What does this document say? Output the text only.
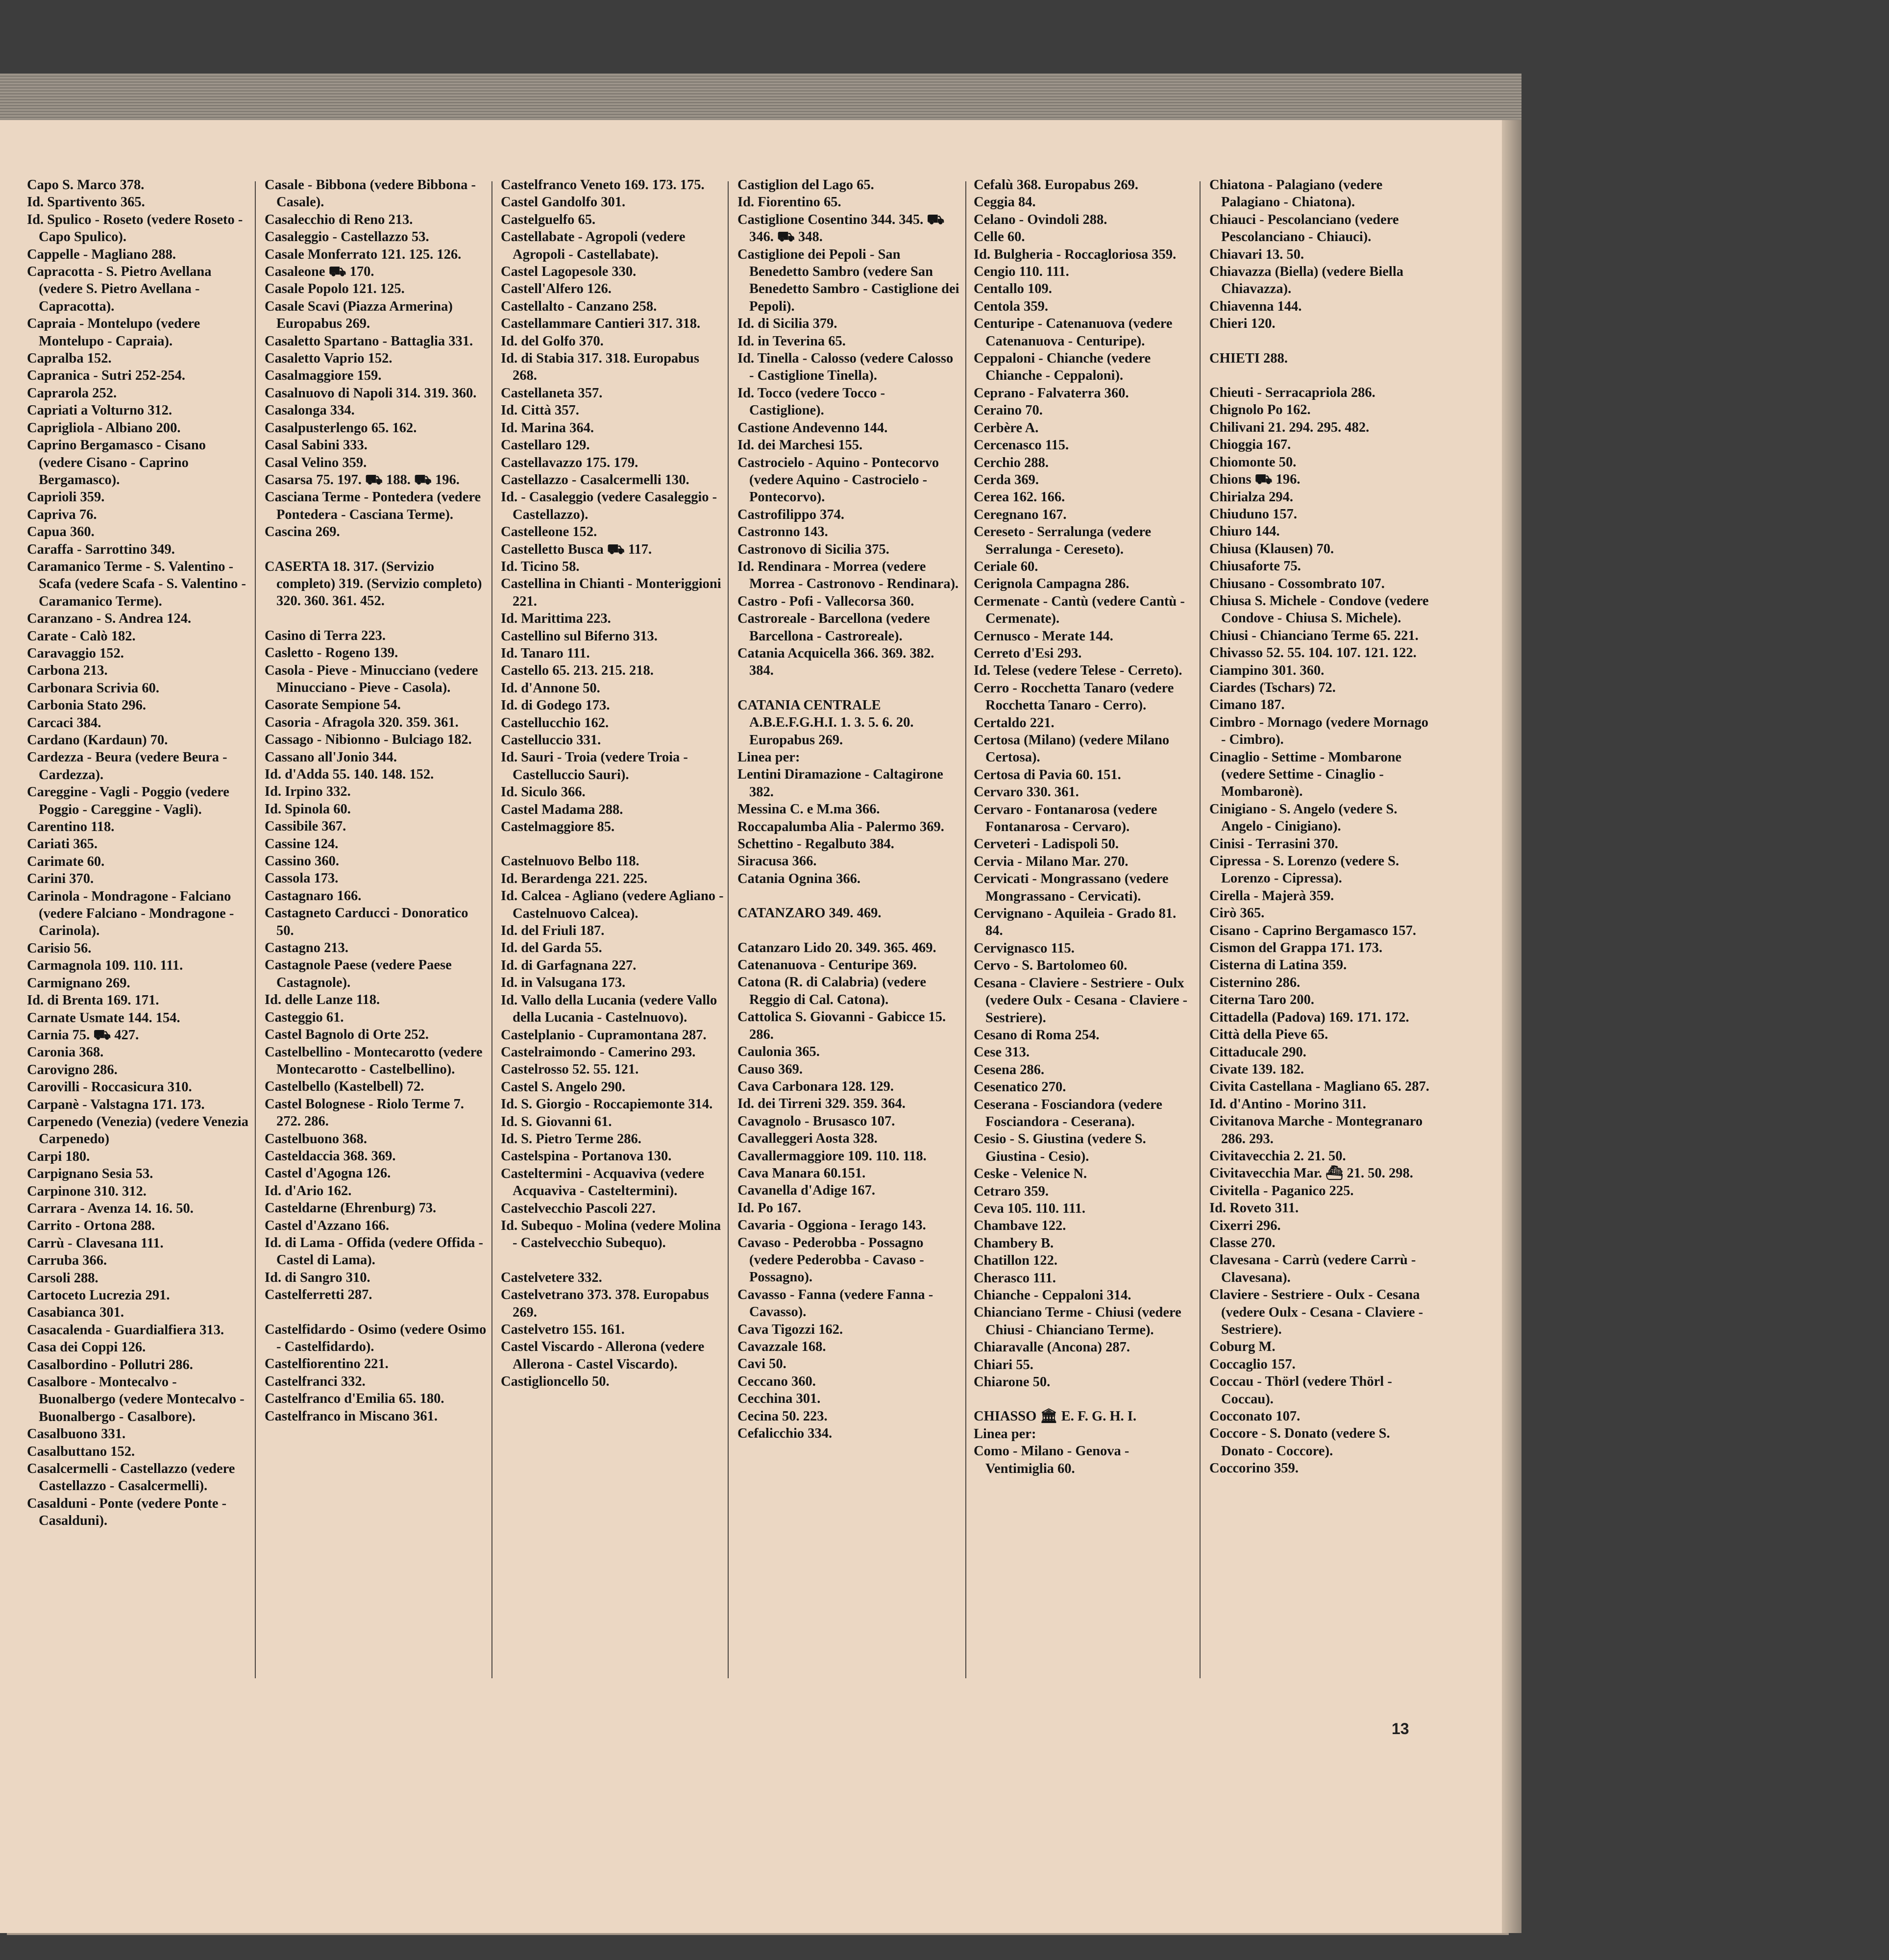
Capo S. Marco 378.
Id. Spartivento 365.
Id. Spulico - Roseto (vedere Roseto - Capo Spulico).
Cappelle - Magliano 288.
Capracotta - S. Pietro Avellana (vedere S. Pietro Avellana - Capracotta).
Capraia - Montelupo (vedere Montelupo - Capraia).
Capralba 152.
Capranica - Sutri 252-254.
Caprarola 252.
Capriati a Volturno 312.
Caprigliola - Albiano 200.
Caprino Bergamasco - Cisano (vedere Cisano - Caprino Bergamasco).
Caprioli 359.
Capriva 76.
Capua 360.
Caraffa - Sarrottino 349.
Caramanico Terme - S. Valentino - Scafa (vedere Scafa - S. Valentino - Caramanico Terme).
Caranzano - S. Andrea 124.
Carate - Calò 182.
Caravaggio 152.
Carbona 213.
Carbonara Scrivia 60.
Carbonia Stato 296.
Carcaci 384.
Cardano (Kardaun) 70.
Cardezza - Beura (vedere Beura - Cardezza).
Careggine - Vagli - Poggio (vedere Poggio - Careggine - Vagli).
Carentino 118.
Cariati 365.
Carimate 60.
Carini 370.
Carinola - Mondragone - Falciano (vedere Falciano - Mondragone - Carinola).
Carisio 56.
Carmagnola 109. 110. 111.
Carmignano 269.
Id. di Brenta 169. 171.
Carnate Usmate 144. 154.
Carnia 75. ⛟ 427.
Caronia 368.
Carovigno 286.
Carovilli - Roccasicura 310.
Carpanè - Valstagna 171. 173.
Carpenedo (Venezia) (vedere Venezia Carpenedo)
Carpi 180.
Carpignano Sesia 53.
Carpinone 310. 312.
Carrara - Avenza 14. 16. 50.
Carrito - Ortona 288.
Carrù - Clavesana 111.
Carruba 366.
Carsoli 288.
Cartoceto Lucrezia 291.
Casabianca 301.
Casacalenda - Guardialfiera 313.
Casa dei Coppi 126.
Casalbordino - Pollutri 286.
Casalbore - Montecalvo - Buonalbergo (vedere Montecalvo - Buonalbergo - Casalbore).
Casalbuono 331.
Casalbuttano 152.
Casalcermelli - Castellazzo (vedere Castellazzo - Casalcermelli).
Casalduni - Ponte (vedere Ponte - Casalduni).
Casale - Bibbona (vedere Bibbona - Casale).
Casalecchio di Reno 213.
Casaleggio - Castellazzo 53.
Casale Monferrato 121. 125. 126.
Casaleone ⛟ 170.
Casale Popolo 121. 125.
Casale Scavi (Piazza Armerina) Europabus 269.
Casaletto Spartano - Battaglia 331.
Casaletto Vaprio 152.
Casalmaggiore 159.
Casalnuovo di Napoli 314. 319. 360.
Casalonga 334.
Casalpusterlengo 65. 162.
Casal Sabini 333.
Casal Velino 359.
Casarsa 75. 197. ⛟ 188. ⛟ 196.
Casciana Terme - Pontedera (vedere Pontedera - Casciana Terme).
Cascina 269.
CASERTA 18. 317. (Servizio completo) 319. (Servizio completo) 320. 360. 361. 452.
Casino di Terra 223.
Casletto - Rogeno 139.
Casola - Pieve - Minucciano (vedere Minucciano - Pieve - Casola).
Casorate Sempione 54.
Casoria - Afragola 320. 359. 361.
Cassago - Nibionno - Bulciago 182.
Cassano all'Jonio 344.
Id. d'Adda 55. 140. 148. 152.
Id. Irpino 332.
Id. Spinola 60.
Cassibile 367.
Cassine 124.
Cassino 360.
Cassola 173.
Castagnaro 166.
Castagneto Carducci - Donoratico 50.
Castagno 213.
Castagnole Paese (vedere Paese Castagnole).
Id. delle Lanze 118.
Casteggio 61.
Castel Bagnolo di Orte 252.
Castelbellino - Montecarotto (vedere Montecarotto - Castelbellino).
Castelbello (Kastelbell) 72.
Castel Bolognese - Riolo Terme 7. 272. 286.
Castelbuono 368.
Casteldaccia 368. 369.
Castel d'Agogna 126.
Id. d'Ario 162.
Casteldarne (Ehrenburg) 73.
Castel d'Azzano 166.
Id. di Lama - Offida (vedere Offida - Castel di Lama).
Id. di Sangro 310.
Castelferretti 287.
Castelfidardo - Osimo (vedere Osimo - Castelfidardo).
Castelfiorentino 221.
Castelfranci 332.
Castelfranco d'Emilia 65. 180.
Castelfranco in Miscano 361.
Castelfranco Veneto 169. 173. 175.
Castel Gandolfo 301.
Castelguelfo 65.
Castellabate - Agropoli (vedere Agropoli - Castellabate).
Castel Lagopesole 330.
Castell'Alfero 126.
Castellalto - Canzano 258.
Castellammare Cantieri 317. 318.
Id. del Golfo 370.
Id. di Stabia 317. 318. Europabus 268.
Castellaneta 357.
Id. Città 357.
Id. Marina 364.
Castellaro 129.
Castellavazzo 175. 179.
Castellazzo - Casalcermelli 130.
Id. - Casaleggio (vedere Casaleggio - Castellazzo).
Castelleone 152.
Castelletto Busca ⛟ 117.
Id. Ticino 58.
Castellina in Chianti - Monteriggioni 221.
Id. Marittima 223.
Castellino sul Biferno 313.
Id. Tanaro 111.
Castello 65. 213. 215. 218.
Id. d'Annone 50.
Id. di Godego 173.
Castellucchio 162.
Castelluccio 331.
Id. Sauri - Troia (vedere Troia - Castelluccio Sauri).
Id. Siculo 366.
Castel Madama 288.
Castelmaggiore 85.
Castelnuovo Belbo 118.
Id. Berardenga 221. 225.
Id. Calcea - Agliano (vedere Agliano - Castelnuovo Calcea).
Id. del Friuli 187.
Id. del Garda 55.
Id. di Garfagnana 227.
Id. in Valsugana 173.
Id. Vallo della Lucania (vedere Vallo della Lucania - Castelnuovo).
Castelplanio - Cupramontana 287.
Castelraimondo - Camerino 293.
Castelrosso 52. 55. 121.
Castel S. Angelo 290.
Id. S. Giorgio - Roccapiemonte 314.
Id. S. Giovanni 61.
Id. S. Pietro Terme 286.
Castelspina - Portanova 130.
Casteltermini - Acquaviva (vedere Acquaviva - Casteltermini).
Castelvecchio Pascoli 227.
Id. Subequo - Molina (vedere Molina - Castelvecchio Subequo).
Castelvetere 332.
Castelvetrano 373. 378. Europabus 269.
Castelvetro 155. 161.
Castel Viscardo - Allerona (vedere Allerona - Castel Viscardo).
Castiglioncello 50.
Castiglion del Lago 65.
Id. Fiorentino 65.
Castiglione Cosentino 344. 345. ⛟ 346. ⛟ 348.
Castiglione dei Pepoli - San Benedetto Sambro (vedere San Benedetto Sambro - Castiglione dei Pepoli).
Id. di Sicilia 379.
Id. in Teverina 65.
Id. Tinella - Calosso (vedere Calosso - Castiglione Tinella).
Id. Tocco (vedere Tocco - Castiglione).
Castione Andevenno 144.
Id. dei Marchesi 155.
Castrocielo - Aquino - Pontecorvo (vedere Aquino - Castrocielo - Pontecorvo).
Castrofilippo 374.
Castronno 143.
Castronovo di Sicilia 375.
Id. Rendinara - Morrea (vedere Morrea - Castronovo - Rendinara).
Castro - Pofi - Vallecorsa 360.
Castroreale - Barcellona (vedere Barcellona - Castroreale).
Catania Acquicella 366. 369. 382. 384.
CATANIA CENTRALE A.B.E.F.G.H.I. 1. 3. 5. 6. 20. Europabus 269.
Linea per:
Lentini Diramazione - Caltagirone 382.
Messina C. e M.ma 366.
Roccapalumba Alia - Palermo 369.
Schettino - Regalbuto 384.
Siracusa 366.
Catania Ognina 366.
CATANZARO 349. 469.
Catanzaro Lido 20. 349. 365. 469.
Catenanuova - Centuripe 369.
Catona (R. di Calabria) (vedere Reggio di Cal. Catona).
Cattolica S. Giovanni - Gabicce 15. 286.
Caulonia 365.
Causo 369.
Cava Carbonara 128. 129.
Id. dei Tirreni 329. 359. 364.
Cavagnolo - Brusasco 107.
Cavalleggeri Aosta 328.
Cavallermaggiore 109. 110. 118.
Cava Manara 60.151.
Cavanella d'Adige 167.
Id. Po 167.
Cavaria - Oggiona - Ierago 143.
Cavaso - Pederobba - Possagno (vedere Pederobba - Cavaso - Possagno).
Cavasso - Fanna (vedere Fanna - Cavasso).
Cava Tigozzi 162.
Cavazzale 168.
Cavi 50.
Ceccano 360.
Cecchina 301.
Cecina 50. 223.
Cefalicchio 334.
Cefalù 368. Europabus 269.
Ceggia 84.
Celano - Ovindoli 288.
Celle 60.
Id. Bulgheria - Roccagloriosa 359.
Cengio 110. 111.
Centallo 109.
Centola 359.
Centuripe - Catenanuova (vedere Catenanuova - Centuripe).
Ceppaloni - Chianche (vedere Chianche - Ceppaloni).
Ceprano - Falvaterra 360.
Ceraino 70.
Cerbère A.
Cercenasco 115.
Cerchio 288.
Cerda 369.
Cerea 162. 166.
Ceregnano 167.
Cereseto - Serralunga (vedere Serralunga - Cereseto).
Ceriale 60.
Cerignola Campagna 286.
Cermenate - Cantù (vedere Cantù - Cermenate).
Cernusco - Merate 144.
Cerreto d'Esi 293.
Id. Telese (vedere Telese - Cerreto).
Cerro - Rocchetta Tanaro (vedere Rocchetta Tanaro - Cerro).
Certaldo 221.
Certosa (Milano) (vedere Milano Certosa).
Certosa di Pavia 60. 151.
Cervaro 330. 361.
Cervaro - Fontanarosa (vedere Fontanarosa - Cervaro).
Cerveteri - Ladispoli 50.
Cervia - Milano Mar. 270.
Cervicati - Mongrassano (vedere Mongrassano - Cervicati).
Cervignano - Aquileia - Grado 81. 84.
Cervignasco 115.
Cervo - S. Bartolomeo 60.
Cesana - Claviere - Sestriere - Oulx (vedere Oulx - Cesana - Claviere - Sestriere).
Cesano di Roma 254.
Cese 313.
Cesena 286.
Cesenatico 270.
Ceserana - Fosciandora (vedere Fosciandora - Ceserana).
Cesio - S. Giustina (vedere S. Giustina - Cesio).
Ceske - Velenice N.
Cetraro 359.
Ceva 105. 110. 111.
Chambave 122.
Chambery B.
Chatillon 122.
Cherasco 111.
Chianche - Ceppaloni 314.
Chianciano Terme - Chiusi (vedere Chiusi - Chianciano Terme).
Chiaravalle (Ancona) 287.
Chiari 55.
Chiarone 50.
CHIASSO 🏛 E. F. G. H. I.
Linea per:
Como - Milano - Genova - Ventimiglia 60.
Chiatona - Palagiano (vedere Palagiano - Chiatona).
Chiauci - Pescolanciano (vedere Pescolanciano - Chiauci).
Chiavari 13. 50.
Chiavazza (Biella) (vedere Biella Chiavazza).
Chiavenna 144.
Chieri 120.
CHIETI 288.
Chieuti - Serracapriola 286.
Chignolo Po 162.
Chilivani 21. 294. 295. 482.
Chioggia 167.
Chiomonte 50.
Chions ⛟ 196.
Chirialza 294.
Chiuduno 157.
Chiuro 144.
Chiusa (Klausen) 70.
Chiusaforte 75.
Chiusano - Cossombrato 107.
Chiusa S. Michele - Condove (vedere Condove - Chiusa S. Michele).
Chiusi - Chianciano Terme 65. 221.
Chivasso 52. 55. 104. 107. 121. 122.
Ciampino 301. 360.
Ciardes (Tschars) 72.
Cimano 187.
Cimbro - Mornago (vedere Mornago - Cimbro).
Cinaglio - Settime - Mombarone (vedere Settime - Cinaglio - Mombaronè).
Cinigiano - S. Angelo (vedere S. Angelo - Cinigiano).
Cinisi - Terrasini 370.
Cipressa - S. Lorenzo (vedere S. Lorenzo - Cipressa).
Cirella - Majerà 359.
Cirò 365.
Cisano - Caprino Bergamasco 157.
Cismon del Grappa 171. 173.
Cisterna di Latina 359.
Cisternino 286.
Citerna Taro 200.
Cittadella (Padova) 169. 171. 172.
Città della Pieve 65.
Cittaducale 290.
Civate 139. 182.
Civita Castellana - Magliano 65. 287.
Id. d'Antino - Morino 311.
Civitanova Marche - Montegranaro 286. 293.
Civitavecchia 2. 21. 50.
Civitavecchia Mar. ⛴ 21. 50. 298.
Civitella - Paganico 225.
Id. Roveto 311.
Cixerri 296.
Classe 270.
Clavesana - Carrù (vedere Carrù - Clavesana).
Claviere - Sestriere - Oulx - Cesana (vedere Oulx - Cesana - Claviere - Sestriere).
Coburg M.
Coccaglio 157.
Coccau - Thörl (vedere Thörl - Coccau).
Cocconato 107.
Coccore - S. Donato (vedere S. Donato - Coccore).
Coccorino 359.
13
